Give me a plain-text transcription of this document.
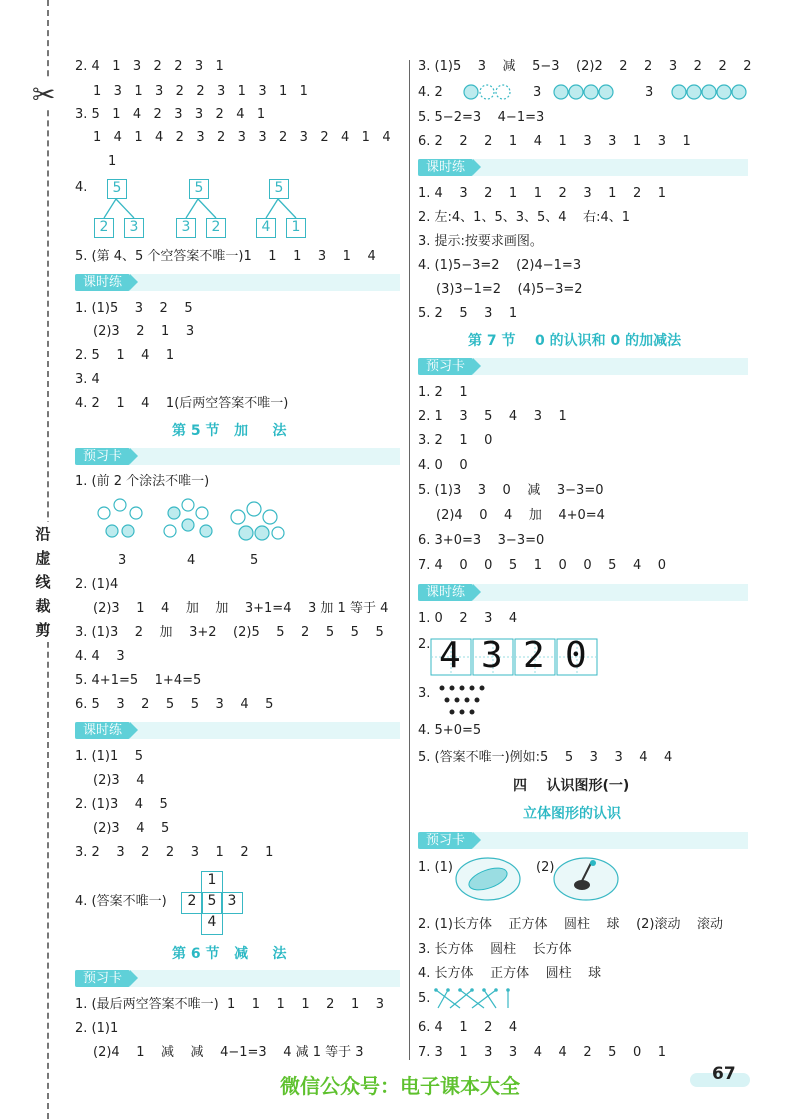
✂
沿虚线裁剪
2. 4   1   3   2   2   3   1
1   3   1   3   2   2   3   1   3   1   1
3. 5   1   4   2   3   3   2   4   1
1   4   1   4   2   3   2   3   3   2   3   2   4   1   4
1
4.	5
2	3
5
3	2
5
4	1
5. (第 4、5 个空答案不唯一)1    1    1    3    1    4
课时练
1. (1)5    3    2    5
(2)3    2    1    3
2. 5    1    4    1
3. 4
4. 2    1    4    1(后两空答案不唯一)
第 5 节   加     法
预习卡
1. (前 2 个涂法不唯一)
3	4	5
2. (1)4
(2)3    1    4    加    加    3+1=4    3 加 1 等于 4
3. (1)3    2    加    3+2    (2)5    5    2    5    5    5
4. 4    3
5. 4+1=5    1+4=5
6. 5    3    2    5    5    3    4    5
课时练
1. (1)1    5
(2)3    4
2. (1)3    4    5
(2)3    4    5
3. 2    3    2    2    3    1    2    1
4. (答案不唯一)
1
2 5 3
4
第 6 节   减     法
预习卡
1. (最后两空答案不唯一)  1    1    1    1    2    1    3
2. (1)1
(2)4    1    减    减    4−1=3    4 减 1 等于 3
3. (1)5    3    减    5−3    (2)2    2    2    3    2    2    2
4. 2	3	3
5. 5−2=3    4−1=3
6. 2    2    2    1    4    1    3    3    1    3    1
课时练
1. 4    3    2    1    1    2    3    1    2    1
2. 左:4、1、5、3、5、4    右:4、1
3. 提示:按要求画图。
4. (1)5−3=2    (2)4−1=3
(3)3−1=2    (4)5−3=2
5. 2    5    3    1
第 7 节    0 的认识和 0 的加减法
预习卡
1. 2    1
2. 1    3    5    4    3    1
3. 2    1    0
4. 0    0
5. (1)3    3    0    减    3−3=0
(2)4    0    4    加    4+0=4
6. 3+0=3    3−3=0
7. 4    0    0    5    1    0    0    5    4    0
课时练
1. 0    2    3    4
2. 4 3 2 0
3.
4. 5+0=5
5. (答案不唯一)例如:5    5    3    3    4    4
四    认识图形(一)
立体图形的认识
预习卡
1. (1)	(2)
2. (1)长方体    正方体    圆柱    球    (2)滚动    滚动
3. 长方体    圆柱    长方体
4. 长方体    正方体    圆柱    球
5.
6. 4    1    2    4
7. 3    1    3    3    4    4    2    5    0    1
67
微信公众号：电子课本大全
